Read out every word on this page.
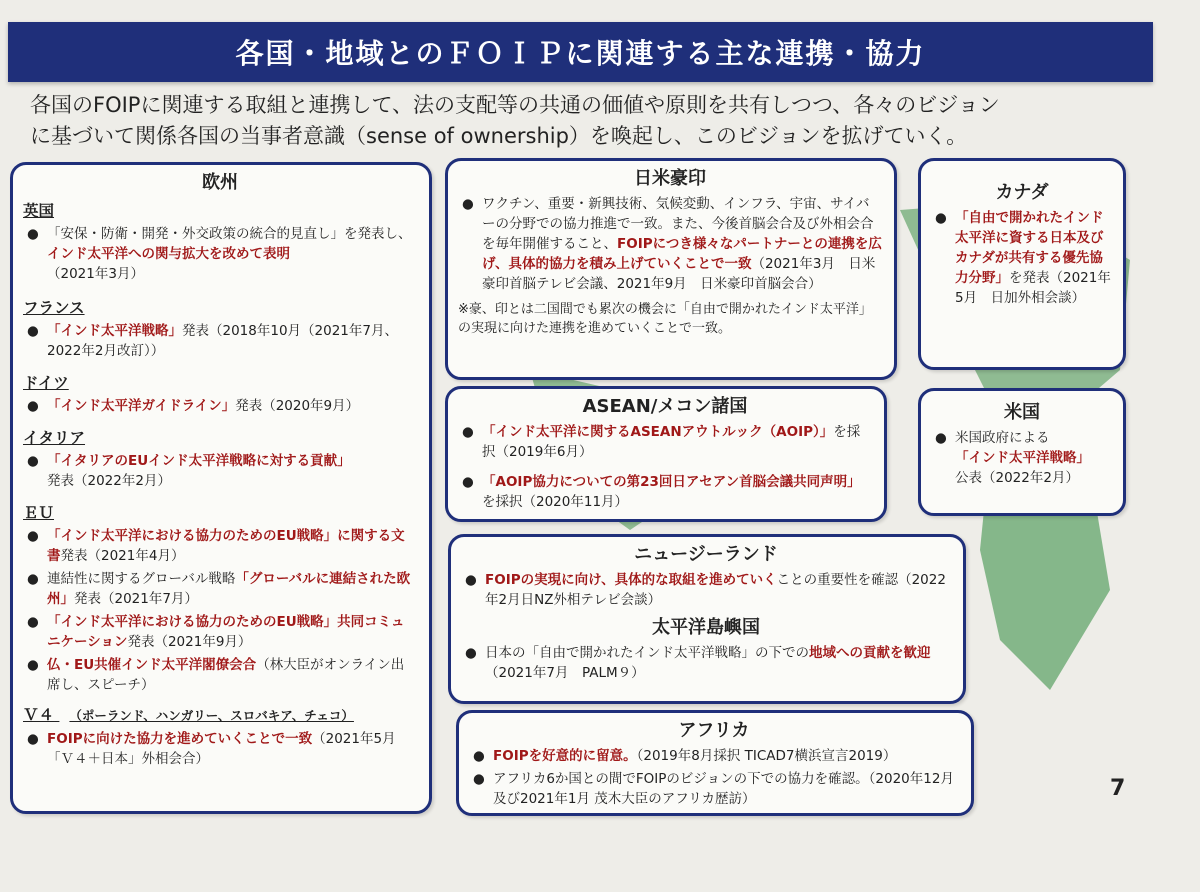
各国・地域とのＦＯＩＰに関連する主な連携・協力

各国のFOIPに関連する取組と連携して、法の支配等の共通の価値や原則を共有しつつ、各々のビジョン

に基づいて関係各国の当事者意識（sense of ownership）を喚起し、このビジョンを拡げていく。

欧州
英国
● 「安保・防衛・開発・外交政策の統合的見直し」を発表し、インド太平洋への関与拡大を改めて表明
（2021年3月）
フランス
● 「インド太平洋戦略」発表（2018年10月（2021年7月、2022年2月改訂））
ドイツ
● 「インド太平洋ガイドライン」発表（2020年9月）
イタリア
● 「イタリアのEUインド太平洋戦略に対する貢献」
発表（2022年2月）
ＥＵ
● 「インド太平洋における協力のためのEU戦略」に関する文書発表（2021年4月）
● 連結性に関するグローバル戦略「グローバルに連結された欧州」発表（2021年7月）
● 「インド太平洋における協力のためのEU戦略」共同コミュニケーション発表（2021年9月）
● 仏・EU共催インド太平洋閣僚会合（林大臣がオンライン出席し、スピーチ）
Ｖ４ （ポーランド、ハンガリー、スロバキア、チェコ）
● FOIPに向けた協力を進めていくことで一致（2021年5月　「Ｖ４＋日本」外相会合）
日米豪印
● ワクチン、重要・新興技術、気候変動、インフラ、宇宙、サイバーの分野での協力推進で一致。また、今後首脳会合及び外相会合を毎年開催すること、FOIPにつき様々なパートナーとの連携を広げ、具体的協力を積み上げていくことで一致（2021年3月　日米豪印首脳テレビ会議、2021年9月　日米豪印首脳会合）
※豪、印とは二国間でも累次の機会に「自由で開かれたインド太平洋」の実現に向けた連携を進めていくことで一致。
カナダ
● 「自由で開かれたインド太平洋に資する日本及びカナダが共有する優先協力分野」を発表（2021年5月　日加外相会談）
ASEAN/メコン諸国
● 「インド太平洋に関するASEANアウトルック（AOIP）」を採択（2019年6月）
● 「AOIP協力についての第23回日アセアン首脳会議共同声明」を採択（2020年11月）
米国
● 米国政府による
「インド太平洋戦略」
公表（2022年2月）
ニュージーランド
● FOIPの実現に向け、具体的な取組を進めていくことの重要性を確認（2022年2月日NZ外相テレビ会談）
太平洋島嶼国
● 日本の「自由で開かれたインド太平洋戦略」の下での地域への貢献を歓迎（2021年7月　PALM９）
アフリカ
● FOIPを好意的に留意。（2019年8月採択 TICAD7横浜宣言2019）
● アフリカ6か国との間でFOIPのビジョンの下での協力を確認。（2020年12月及び2021年1月 茂木大臣のアフリカ歴訪）	7
